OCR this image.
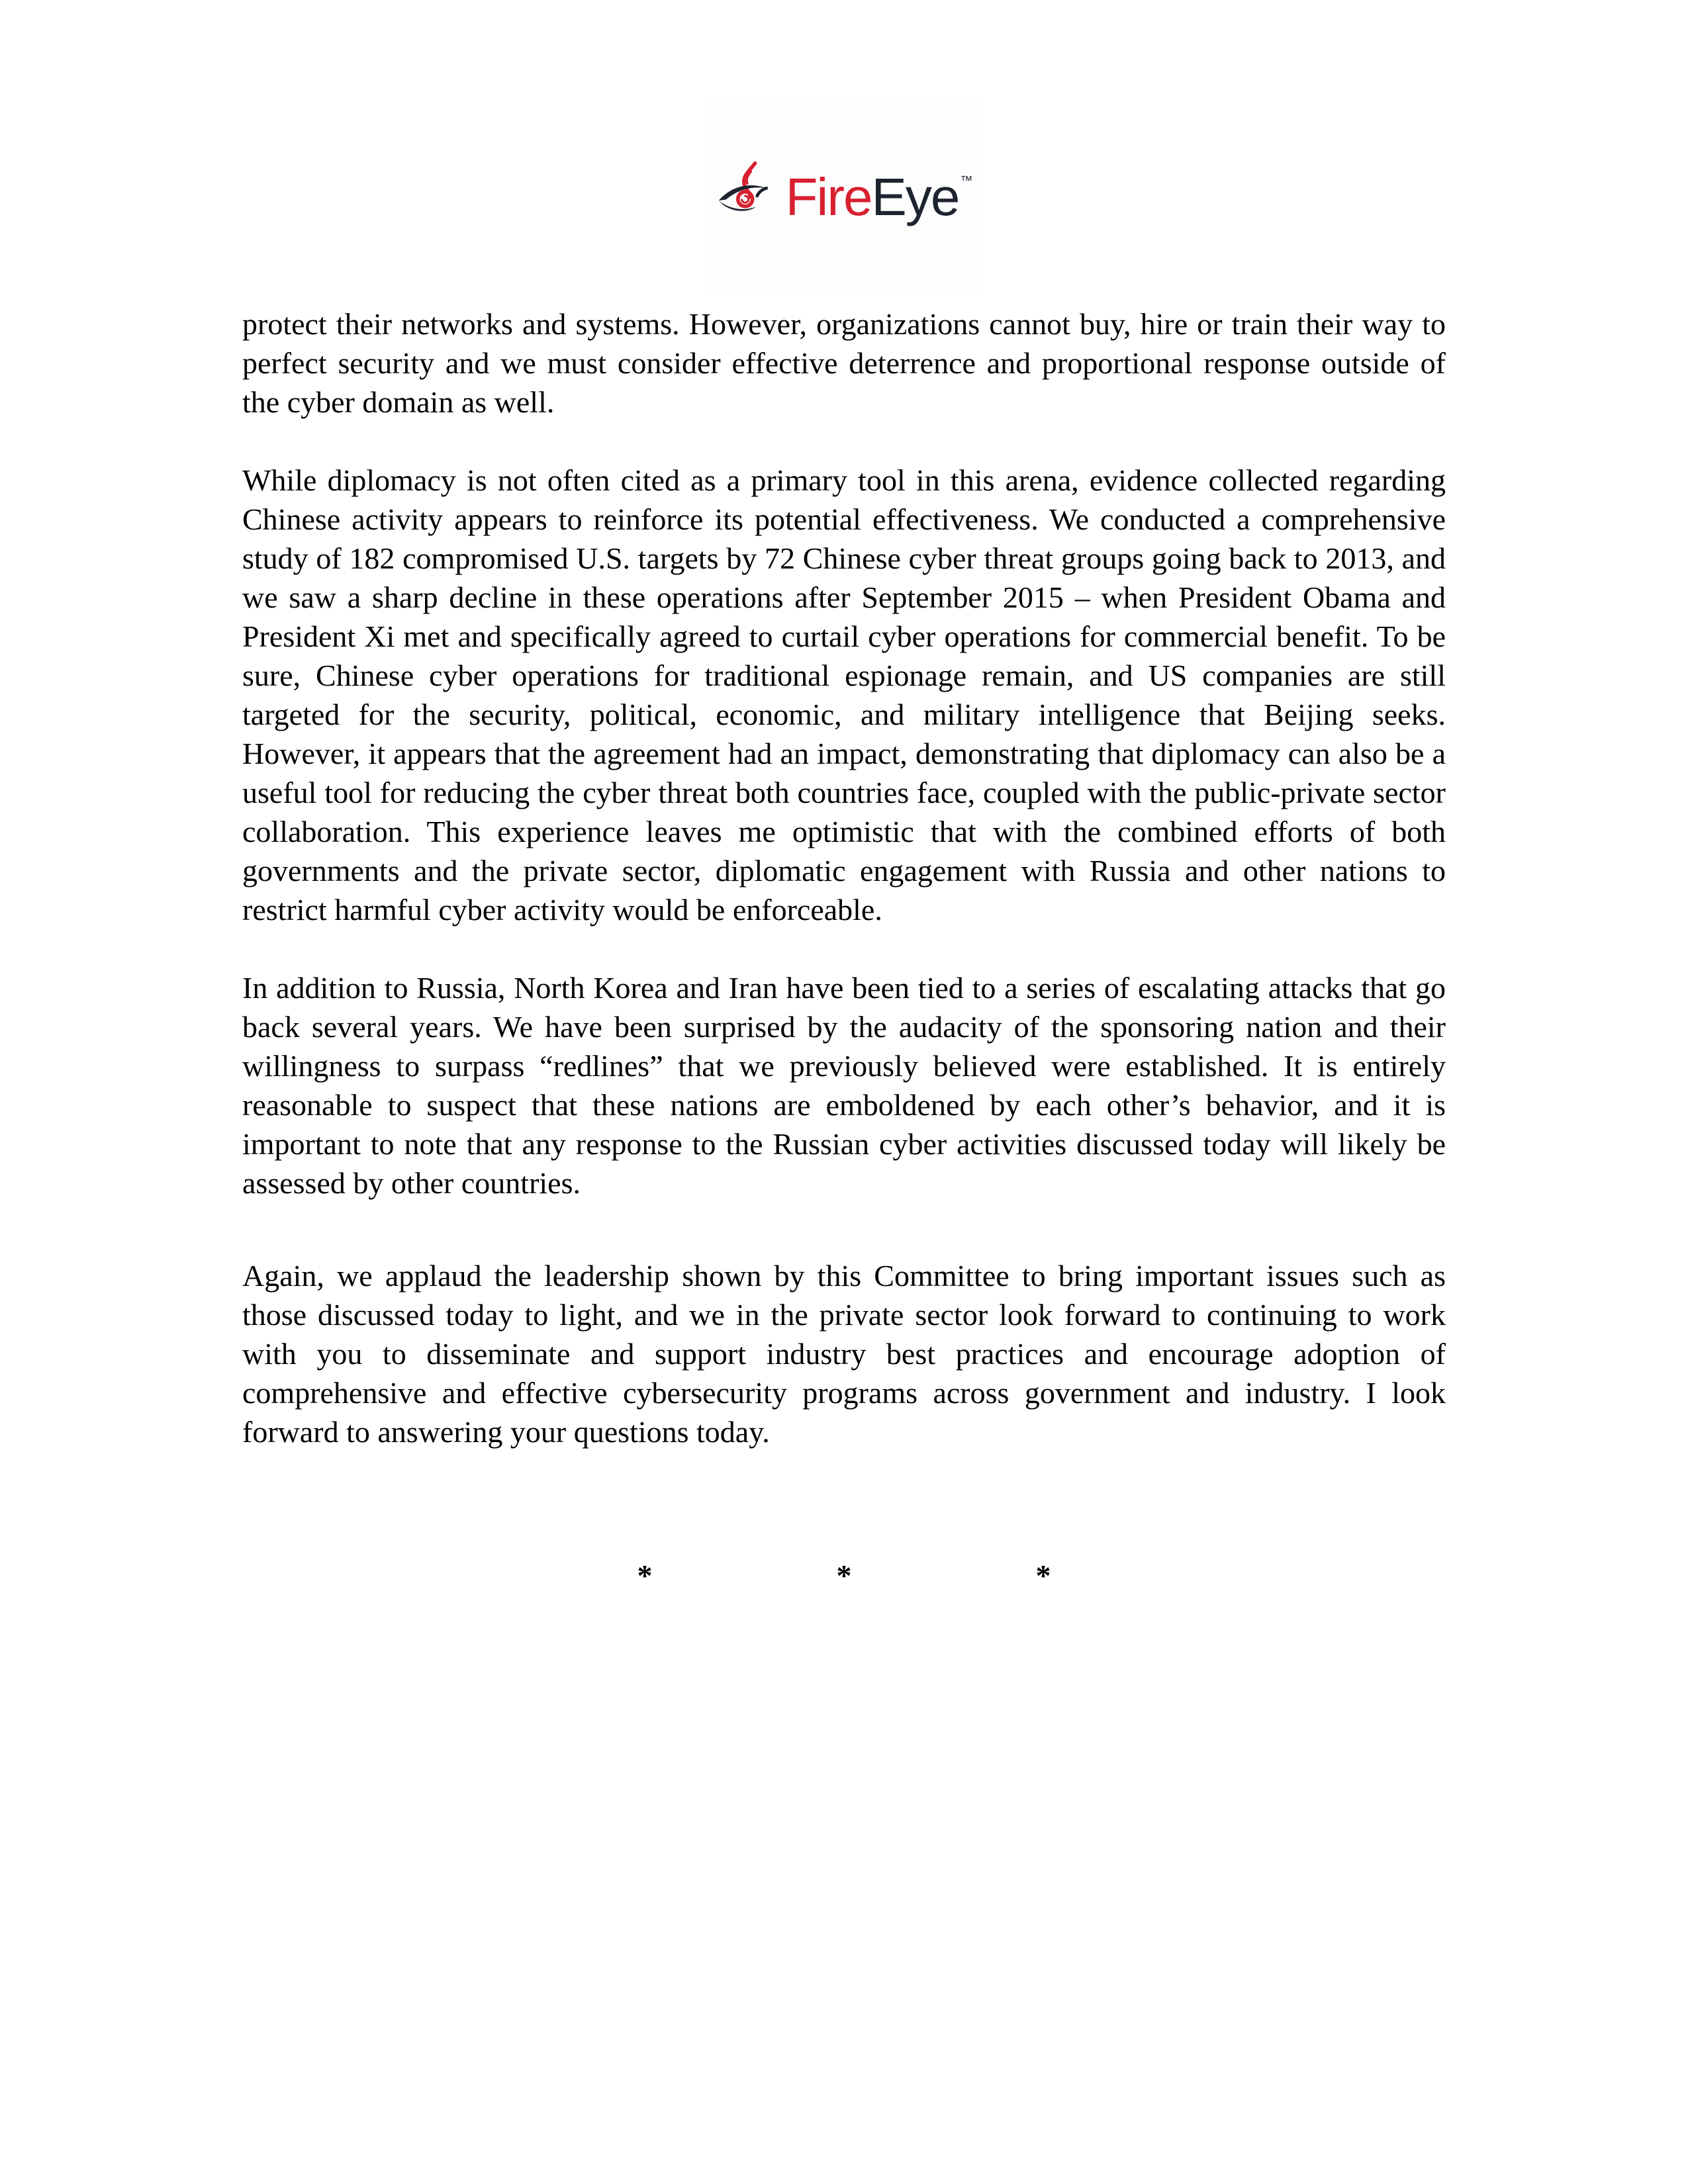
FireEye ™

protect their networks and systems. However, organizations cannot buy, hire or train their way to perfect security and we must consider effective deterrence and proportional response outside of the cyber domain as well.

While diplomacy is not often cited as a primary tool in this arena, evidence collected regarding Chinese activity appears to reinforce its potential effectiveness. We conducted a comprehensive study of 182 compromised U.S. targets by 72 Chinese cyber threat groups going back to 2013, and we saw a sharp decline in these operations after September 2015 – when President Obama and President Xi met and specifically agreed to curtail cyber operations for commercial benefit. To be sure, Chinese cyber operations for traditional espionage remain, and US companies are still targeted for the security, political, economic, and military intelligence that Beijing seeks. However, it appears that the agreement had an impact, demonstrating that diplomacy can also be a useful tool for reducing the cyber threat both countries face, coupled with the public-private sector collaboration. This experience leaves me optimistic that with the combined efforts of both governments and the private sector, diplomatic engagement with Russia and other nations to restrict harmful cyber activity would be enforceable.

In addition to Russia, North Korea and Iran have been tied to a series of escalating attacks that go back several years. We have been surprised by the audacity of the sponsoring nation and their willingness to surpass “redlines” that we previously believed were established. It is entirely reasonable to suspect that these nations are emboldened by each other’s behavior, and it is important to note that any response to the Russian cyber activities discussed today will likely be assessed by other countries.

Again, we applaud the leadership shown by this Committee to bring important issues such as those discussed today to light, and we in the private sector look forward to continuing to work with you to disseminate and support industry best practices and encourage adoption of comprehensive and effective cybersecurity programs across government and industry. I look forward to answering your questions today.

*	*	*
